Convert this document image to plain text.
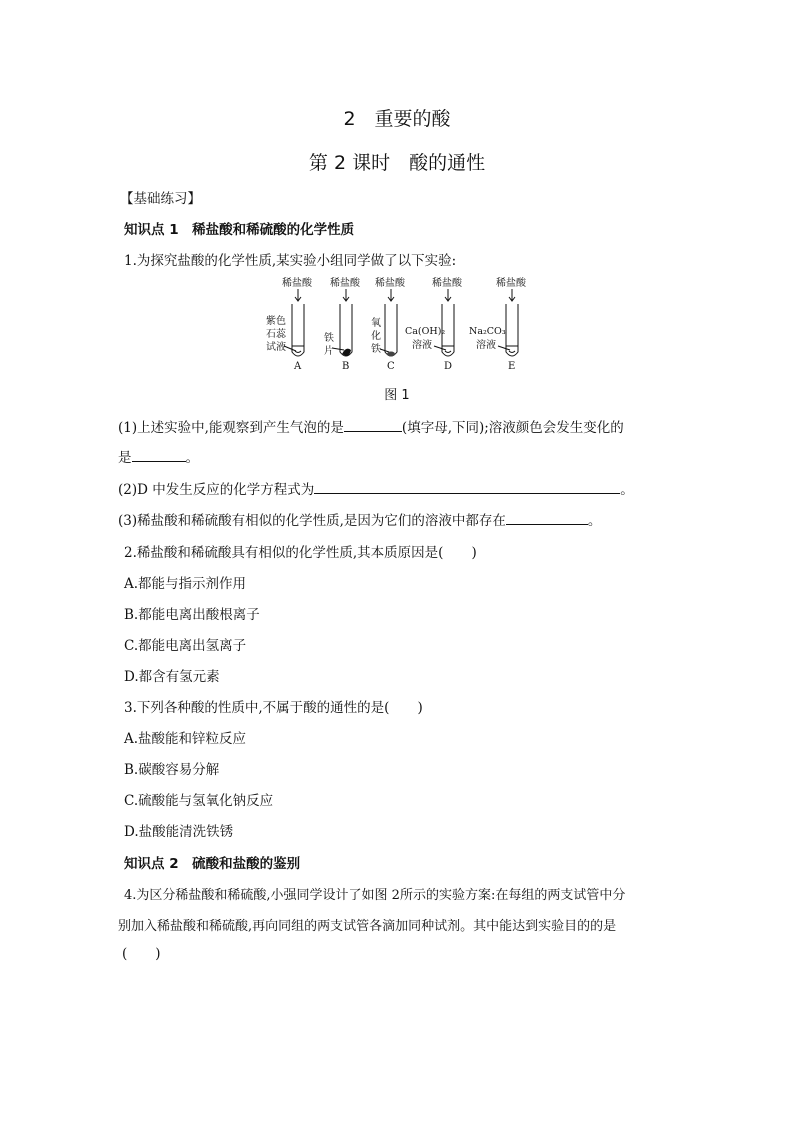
2　重要的酸
第 2 课时　酸的通性
【基础练习】
知识点 1　稀盐酸和稀硫酸的化学性质
1.为探究盐酸的化学性质,某实验小组同学做了以下实验:
稀盐酸 稀盐酸 稀盐酸	稀盐酸	稀盐酸
紫色
石蕊
试液
铁
片
氧
化
铁
Ca(OH)₂
溶液
Na₂CO₃
溶液
A	B	C	D	E
图 1
(1)上述实验中,能观察到产生气泡的是	(填字母,下同);溶液颜色会发生变化的
是	。
(2)D 中发生反应的化学方程式为	。
(3)稀盐酸和稀硫酸有相似的化学性质,是因为它们的溶液中都存在	。
2.稀盐酸和稀硫酸具有相似的化学性质,其本质原因是( )
A.都能与指示剂作用
B.都能电离出酸根离子
C.都能电离出氢离子
D.都含有氢元素
3.下列各种酸的性质中,不属于酸的通性的是( )
A.盐酸能和锌粒反应
B.碳酸容易分解
C.硫酸能与氢氧化钠反应
D.盐酸能清洗铁锈
知识点 2　硫酸和盐酸的鉴别
4.为区分稀盐酸和稀硫酸,小强同学设计了如图 2所示的实验方案:在每组的两支试管中分
别加入稀盐酸和稀硫酸,再向同组的两支试管各滴加同种试剂。其中能达到实验目的的是
( )
